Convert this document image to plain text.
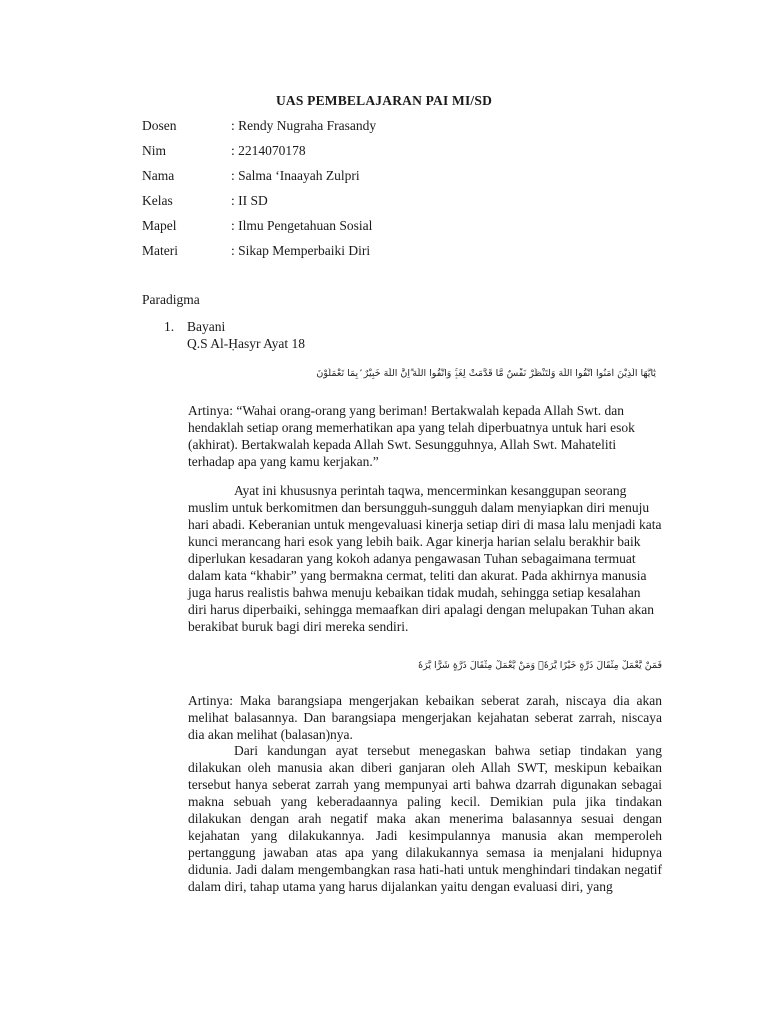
UAS PEMBELAJARAN PAI MI/SD
Dosen	: Rendy Nugraha Frasandy
Nim	: 2214070178
Nama	: Salma ‘Inaayah Zulpri
Kelas	: II SD
Mapel	: Ilmu Pengetahuan Sosial
Materi	: Sikap Memperbaiki Diri
Paradigma
1. Bayani
Q.S Al-Ḥasyr Ayat 18
يٰٓاَيُّهَا الَّذِيْنَ اٰمَنُوا اتَّقُوا اللّٰهَ وَلْتَنْظُرْ نَفْسٌ مَّا قَدَّمَتْ لِغَدٍۚ وَاتَّقُوا اللّٰهَ ۗاِنَّ اللّٰهَ خَبِيْرٌ ۢبِمَا تَعْمَلُوْنَ
Artinya: “Wahai orang-orang yang beriman! Bertakwalah kepada Allah Swt. dan hendaklah setiap orang memerhatikan apa yang telah diperbuatnya untuk hari esok (akhirat). Bertakwalah kepada Allah Swt. Sesungguhnya, Allah Swt. Mahateliti terhadap apa yang kamu kerjakan.”
Ayat ini khususnya perintah taqwa, mencerminkan kesanggupan seorang muslim untuk berkomitmen dan bersungguh-sungguh dalam menyiapkan diri menuju hari abadi. Keberanian untuk mengevaluasi kinerja setiap diri di masa lalu menjadi kata kunci merancang hari esok yang lebih baik. Agar kinerja harian selalu berakhir baik diperlukan kesadaran yang kokoh adanya pengawasan Tuhan sebagaimana termuat dalam kata “khabir” yang bermakna cermat, teliti dan akurat. Pada akhirnya manusia juga harus realistis bahwa menuju kebaikan tidak mudah, sehingga setiap kesalahan diri harus diperbaiki, sehingga memaafkan diri apalagi dengan melupakan Tuhan akan berakibat buruk bagi diri mereka sendiri.
فَمَنْ يَّعْمَلْ مِثْقَالَ ذَرَّةٍ خَيْرًا يَّرَهٗۚ وَمَنْ يَّعْمَلْ مِثْقَالَ ذَرَّةٍ شَرًّا يَّرَهٗ
Artinya: Maka barangsiapa mengerjakan kebaikan seberat zarah, niscaya dia akan melihat balasannya. Dan barangsiapa mengerjakan kejahatan seberat zarrah, niscaya dia akan melihat (balasan)nya.
Dari kandungan ayat tersebut menegaskan bahwa setiap tindakan yang dilakukan oleh manusia akan diberi ganjaran oleh Allah SWT, meskipun kebaikan tersebut hanya seberat zarrah yang mempunyai arti bahwa dzarrah digunakan sebagai makna sebuah yang keberadaannya paling kecil. Demikian pula jika tindakan dilakukan dengan arah negatif maka akan menerima balasannya sesuai dengan kejahatan yang dilakukannya. Jadi kesimpulannya manusia akan memperoleh pertanggung jawaban atas apa yang dilakukannya semasa ia menjalani hidupnya didunia. Jadi dalam mengembangkan rasa hati-hati untuk menghindari tindakan negatif dalam diri, tahap utama yang harus dijalankan yaitu dengan evaluasi diri, yang
